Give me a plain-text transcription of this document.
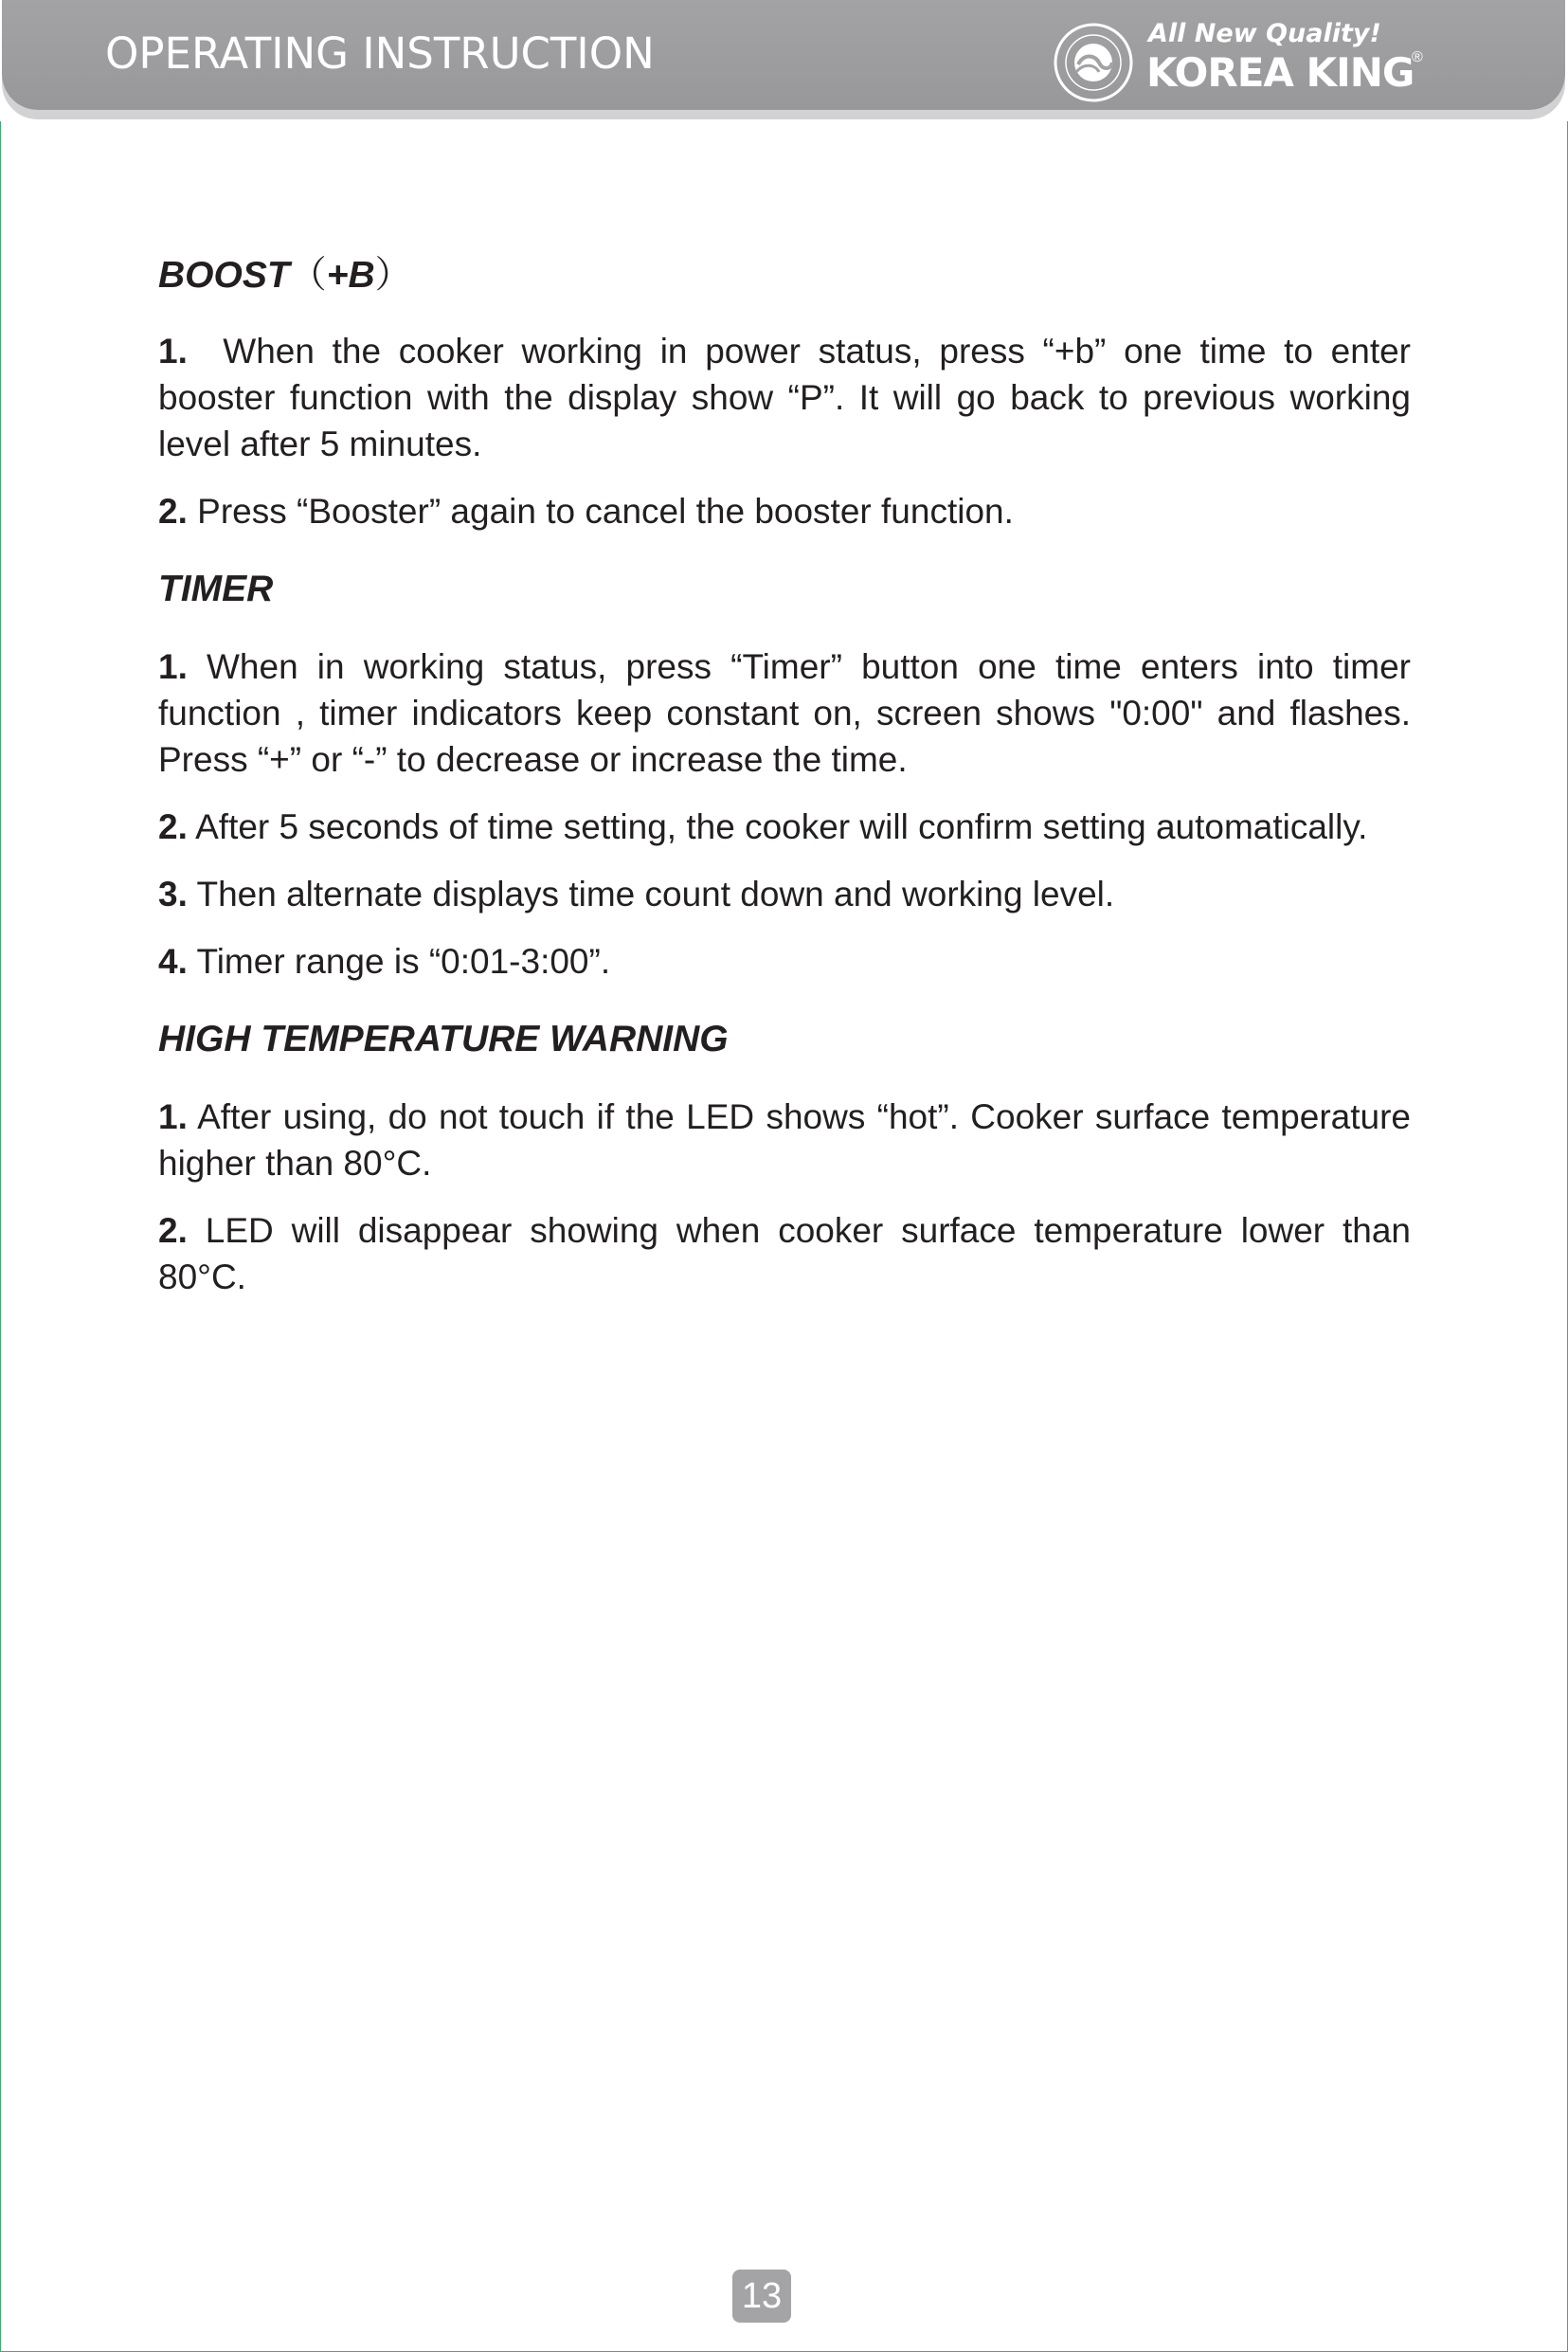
OPERATING INSTRUCTION	All New Quality!
KOREA KING
®

BOOST（+B）

1. When the cooker working in power status, press “+b” one time to enter booster function with the display show “P”. It will go back to previous working level after 5 minutes.

2. Press “Booster” again to cancel the booster function.

TIMER

1. When in working status, press “Timer” button one time enters into timer function , timer indicators keep constant on, screen shows "0:00" and flashes. Press “+” or “-” to decrease or increase the time.

2. After 5 seconds of time setting, the cooker will confirm setting automatically.

3. Then alternate displays time count down and working level.

4. Timer range is “0:01-3:00”.

HIGH TEMPERATURE WARNING

1. After using, do not touch if the LED shows “hot”. Cooker surface temperature higher than 80°C.

2. LED will disappear showing when cooker surface temperature lower than 80°C.

13
